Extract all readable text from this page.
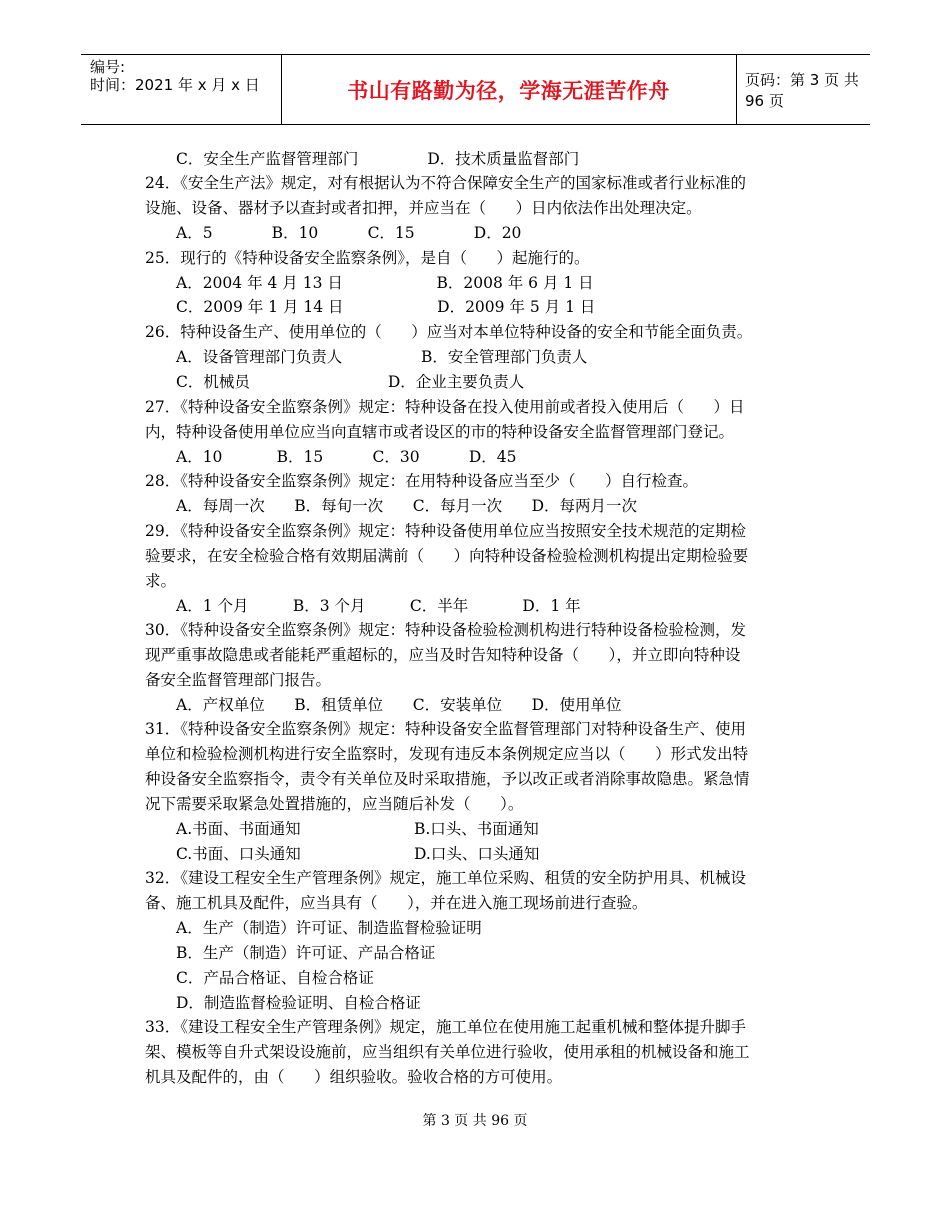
编号:
时间：2021 年 x 月 x 日	书山有路勤为径，学海无涯苦作舟	页码：第 3 页 共 96 页
C．安全生产监督管理部门              D．技术质量监督部门
24．《安全生产法》规定，对有根据认为不符合保障安全生产的国家标准或者行业标准的
设施、设备、器材予以查封或者扣押，并应当在（      ）日内依法作出处理决定。
A．5            B．10          C．15            D．20
25．现行的《特种设备安全监察条例》，是自（      ）起施行的。
A．2004 年 4 月 13 日                   B．2008 年 6 月 1 日
C．2009 年 1 月 14 日                   D．2009 年 5 月 1 日
26．特种设备生产、使用单位的（      ）应当对本单位特种设备的安全和节能全面负责。
A．设备管理部门负责人                B．安全管理部门负责人
C．机械员                            D．企业主要负责人
27．《特种设备安全监察条例》规定：特种设备在投入使用前或者投入使用后（      ）日
内，特种设备使用单位应当向直辖市或者设区的市的特种设备安全监督管理部门登记。
A．10           B．15          C．30          D．45
28．《特种设备安全监察条例》规定：在用特种设备应当至少（      ）自行检查。
A．每周一次      B．每旬一次      C．每月一次      D．每两月一次
29．《特种设备安全监察条例》规定：特种设备使用单位应当按照安全技术规范的定期检
验要求，在安全检验合格有效期届满前（      ）向特种设备检验检测机构提出定期检验要
求。
A．1 个月         B．3 个月         C．半年           D．1 年
30．《特种设备安全监察条例》规定：特种设备检验检测机构进行特种设备检验检测，发
现严重事故隐患或者能耗严重超标的，应当及时告知特种设备（      ），并立即向特种设
备安全监督管理部门报告。
A．产权单位      B．租赁单位      C．安装单位      D．使用单位
31．《特种设备安全监察条例》规定：特种设备安全监督管理部门对特种设备生产、使用
单位和检验检测机构进行安全监察时，发现有违反本条例规定应当以（      ）形式发出特
种设备安全监察指令，责令有关单位及时采取措施，予以改正或者消除事故隐患。紧急情
况下需要采取紧急处置措施的，应当随后补发（      ）。
A.书面、书面通知                       B.口头、书面通知
C.书面、口头通知                       D.口头、口头通知
32．《建设工程安全生产管理条例》规定，施工单位采购、租赁的安全防护用具、机械设
备、施工机具及配件，应当具有（      ），并在进入施工现场前进行查验。
A．生产（制造）许可证、制造监督检验证明
B．生产（制造）许可证、产品合格证
C．产品合格证、自检合格证
D．制造监督检验证明、自检合格证
33．《建设工程安全生产管理条例》规定，施工单位在使用施工起重机械和整体提升脚手
架、模板等自升式架设设施前，应当组织有关单位进行验收，使用承租的机械设备和施工
机具及配件的，由（      ）组织验收。验收合格的方可使用。
第 3 页 共 96 页
